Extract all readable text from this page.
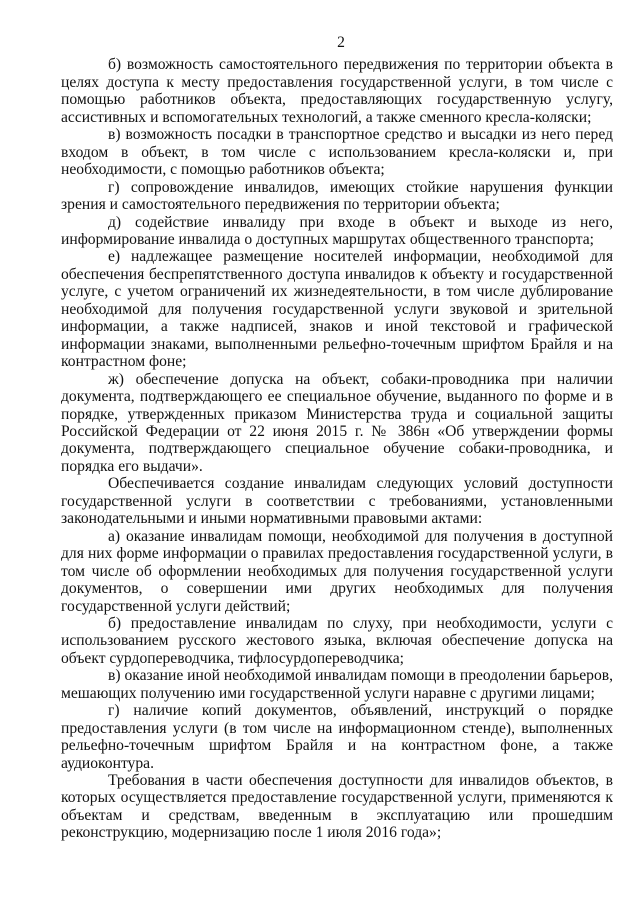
2

б) возможность самостоятельного передвижения по территории объекта в целях доступа к месту предоставления государственной услуги, в том числе с помощью работников объекта, предоставляющих государственную услугу, ассистивных и вспомогательных технологий, а также сменного кресла-коляски;

в) возможность посадки в транспортное средство и высадки из него перед входом в объект, в том числе с использованием кресла-коляски и, при необходимости, с помощью работников объекта;

г) сопровождение инвалидов, имеющих стойкие нарушения функции зрения и самостоятельного передвижения по территории объекта;

д) содействие инвалиду при входе в объект и выходе из него, информирование инвалида о доступных маршрутах общественного транспорта;

е) надлежащее размещение носителей информации, необходимой для обеспечения беспрепятственного доступа инвалидов к объекту и государственной услуге, с учетом ограничений их жизнедеятельности, в том числе дублирование необходимой для получения государственной услуги звуковой и зрительной информации, а также надписей, знаков и иной текстовой и графической информации знаками, выполненными рельефно-точечным шрифтом Брайля и на контрастном фоне;

ж) обеспечение допуска на объект, собаки-проводника при наличии документа, подтверждающего ее специальное обучение, выданного по форме и в порядке, утвержденных приказом Министерства труда и социальной защиты Российской Федерации от 22 июня 2015 г. № 386н «Об утверждении формы документа, подтверждающего специальное обучение собаки-проводника, и порядка его выдачи».

Обеспечивается создание инвалидам следующих условий доступности государственной услуги в соответствии с требованиями, установленными законодательными и иными нормативными правовыми актами:

а) оказание инвалидам помощи, необходимой для получения в доступной для них форме информации о правилах предоставления государственной услуги, в том числе об оформлении необходимых для получения государственной услуги документов, о совершении ими других необходимых для получения государственной услуги действий;

б) предоставление инвалидам по слуху, при необходимости, услуги с использованием русского жестового языка, включая обеспечение допуска на объект сурдопереводчика, тифлосурдопереводчика;

в) оказание иной необходимой инвалидам помощи в преодолении барьеров, мешающих получению ими государственной услуги наравне с другими лицами;

г) наличие копий документов, объявлений, инструкций о порядке предоставления услуги (в том числе на информационном стенде), выполненных рельефно-точечным шрифтом Брайля и на контрастном фоне, а также аудиоконтура.

Требования в части обеспечения доступности для инвалидов объектов, в которых осуществляется предоставление государственной услуги, применяются к объектам и средствам, введенным в эксплуатацию или прошедшим реконструкцию, модернизацию после 1 июля 2016 года»;
